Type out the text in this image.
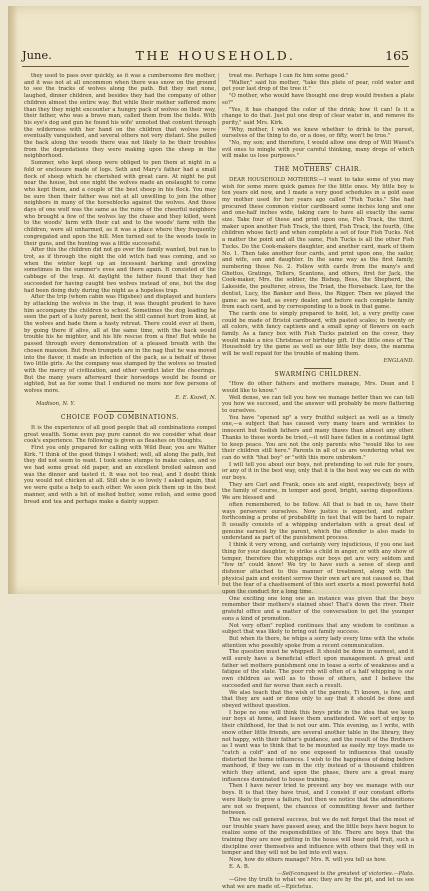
June.	THE HOUSEHOLD.	165

they used to pass over quickly, as it was a cumbersome fire mother, and it was not at all uncommon when there was snow on the ground to see the tracks of wolves along the path. But they met none, laughed, dinner children, and besides they had the company of other children almost the entire way. But while their mother suffered more than they they might encounter a hungry pack of wolves on their way, their father, who was a brave man, called them from the fields. With his eye's dog and gun he found his wife' unnoted that content through the wilderness with her hand on the children that wolves were eventually vanquished, and several others not very distant. She pulled the back along the woods there was not likely to be their troubles from the depredations they were making upon the sheep in the neighborhood.

Summer, who kept sheep were obliged to pen them at night in a fold or enclosure made of logs. Seth and Mary's father had a small flock of sheep which he cherished with great care. At night he put near the house, but one night the wolves made an onslaught to come who kept them, and a couple of the best sheep in his flock. You may be sure then their father was not at all unwilling to join the other neighbors in many of the horseblocks against the wolves. And those days of one wolf was the same as the ruins of the cheerful neighbors who brought a few of the wolves lay the chase and they killed, went to the woods' farm with their cat and to the woods' farm with the children, were all unharmed, as it was a place where they frequently congregated and upon the hill. Men turned out to the woods tools in their guns, and the hunting was a little successful.

After this the children did not go over the family wanted, but ran to trot, as if through the night the old witch had was coming, and so when the winter kept up an incessant barking and growling sometimes in the summer's eves and there again. It consisted of the cabbage of the trap. At daylight the father found that they had succeeded for having caught two wolves instead of one, but the dog had been doing duty during the night as a hopeless trap.

After the trip (whom cabin was Higsbee) and displayed and hunters by attacking the wolves in the trap, it was thought prudent to have him accompany the children to school. Sometimes the dog leading he seen the part of a lusty parent, bent the still cannot hurt from kind, at the wolves and bade them a hasty retreat. There could ever at them, by going there if alive, all at the same time, with the back would trouble his he mighter, and his life rescue from a fine! But while he passed through every demonstration of a pleased breath with the chosen mansion. But fresh trumpets are in the nag that he was moved into the flavor, it made an infection of the pack, as a behalf of those two little girls. As the company was stamped by the wolves so treated with the mercy of civilization, and other verdict later the cheerings. But the many years afterward their horsedogs would be found or sighted, but as for some that I endured no more nor few persons of wolves more.

E. E. Kozell, N.

Madison, N. Y.

CHOICE FOOD COMBINATIONS.

It is the experience of all good people that all combinations compel great wealth. Some even pay pure cannot do we consider what dear cook's experience. The following is given as fleashes on thoughts.

First you only prepared for calling with Wild Bear, you are Walter Kirk. "I think of the good things I wished; well, all along the path, but they did not seem to want. I took some stumps to make cakes, and so we had some great old paper, and an excellent broiled salmon and was the dinner and tasted it. It was not too real, and I doubt think you would not chicken at all. Still she is so lovely I asked again, that we were quite a help to each other. We soon pick them up in the best manner, and with a bit of melted butter, some relish, and some good bread and tea and perhaps make a dainty supper.

treat me. Perhaps I can fix him some good."

"Walter," said his mother, "take this plate of pear, cold water and get your last drop of the tree it."

"O mother, who would have thought one drop would freshen a plate so?"

"Yes, it has changed the color of the drink; how it can! Is it a change to do that. Just put one drop of clear water in, and remove its purity," said Mrs. Kirk.

"Why, mother, I wish we knew whether to drink to the purest, ourselves of the thing to do, or a dose, or fifty, won't be true."

"No, my son; and therefore, I would allow one drop of Will Wuest's evil ones to mingle with your careful thinking, many drops of which will make us lose purposes."

THE MOTHERS' CHAIR.

DEAR HOUSEHOLD MOTHERS:—I want to take some of you may wish for some more quick games for the little ones. My little boy is ten years old now, and I made a very good schedules in a gold ease my mother used for her years ago called "Fish Tucks." She had procured these common visitor cardboard some inches long and one and one-half inches wide, taking care to have all exactly the same size. Take four of these and print upon one, Fish Track, the third, maker upon another Fish Track, the third, Fish Track, the fourth, (the children whose fact) and when complete a set of four Fish Tucks. Not a matter the point and all the same, Fish Tucks is all the other Fish Tucks. Do the Cook-makers daughter, and another card, mark of them No. 1. Then take another four cards, and print upon one, the sailor, and wife, son and daughter. In the same way as the first family, numbering those No. 2. Follow with cards from the many's and Ghettos, Gratings, Tellers, Scantons, and others, first for Jack, the Cook-maker, Mrs. the soldier, the Bishop, Bess, the Shepherd, the Lakeside, the poulterer, stress, the Triad, the Horseback. Law, for the dentist, Lucy, the Banker and Bess, the Rigger. Then we played the game: as we had, as every dealer, and before each complete family from each card, and by corresponding to a book in that game.

The cards one to simply prepared to hold, lot, a very pretty case could be made of Bristol cardboard, with pasted scales; in twenty or all colors, with fancy captions and a small spray of flowers on each family. As a fancy box with Fish Tucks painted on the cover, they would make a nice Christmas or birthday gift. If the little ones of The Household try the game as well as our little boy does, the mamma will be well repaid for the trouble of making them.

ENGLAND.

SWARMING CHILDREN.

"How do other fathers and mothers manage, Mrs. Dean and I would like to know."

Well dense, we can tell you how we manage better than we can tell you how we succeed, and the answer will probably be more flattering to ourselves.

You have "opened up" a very fruitful subject as well as a timely one,—a subject that has caused very many tears and wrinkles to innocent but foolish fathers and many thaws than almost any other. Thanks to those words be tried,—it will have fallen in a continual light to keep peace. You are not the only parents who "would like to see their children still here." Parents in all of us are wondering what we can do with "that boy" or "with this more unbroken."

I will tell you about our boys, not pretending to set rule for yours, or any of it in the best way, only that it is the best way we can do with our boys.

They are Carl and Frank, ones six and eight, respectively, boys of the family of course, in temper and good, bright, saving dispositions. We are blessed and

often remembered, to be follow. All that is bad in us, have their ways persevere ourselves. Now justice is expected, and rather forthcoming a probe of probability in test that will be hard to repair. It usually consists of a whipping undertaken with a great deal of genuine earnest by the parent, which the offender is also made to understand as part of the punishment process.

I think it very wrong, and certainly very injudicious, if you one last thing for your daughter, to strike a child in anger, or with any show of temper, therefore the whippings our boys get are very seldom and "few in" could know! We try to have such a sense of sleep and dishonor attached to this manner of treatment, along with the physical pain and evident sorrow their own art are not caused so, that but the fear of a chastisement of this sort exerts a most powerful hold upon the conduct for a long time.

One exciting one long one an instance was given that the boyo remember their mothers's stained shoe! That's down the river. Their grateful office and a matter of the conversation to get the younger sons a kind of promotion.

Not very often" replied continues that any wisdom to continue a subject that was likely to bring out family success.

But when its there, he whips a sorry lady every time with the whole attention who possibly spoke from a recent communication.

The question must be whipped. It should be done in earnest, and it will surely have a beneficial effect upon management. A great and father set mothers punishment one in tease a sorts of weakness and a fatigue of the state. The poor rob will often of a half whipping is our own children as well as to those of others, and I believe the succeeded and far worse than such a result.

We also teach that the wish of the parents, Ti known, is few, and that they are said or done only to say that it should be done and obeyed without question.

I hope no one will think this boys pride in the idea that we keep our boys at home, and leave them unattended. We sort of enjoy to their childhood, for that is not our aim. This evening, as I write, with snow other little friends, are several another table in the library, they not happy, with their father's guidance, and the result of the Brothers as I want was to think that to be mounted as easily my toys made us "catch a cold" and of no one exposed to influences that usually distorted the home influences. I wish to the happiness of doing before manhood, if they we can in the city instead of a thousand children which they attend, and upon the phase, there are a great many influences dominated to house training.

Then I have never tried to prevent any boy we manage with our boys. It is that they have trust, and I consist if our constant efforts were likely to grow a failure, but then we notice that the admonitions are not so frequent, the chances of committing fewer and farther between.

This we call general success, but we do not forget that the most of our trouble years have passed away, and the little boys have begun to realize some of the responsibilities of life. There are boys that the training they are now getting in the house will bear gold fruit, such a discipline over themselves and influence with others that they will in temper and they will not be led into evil ways.

Now, how do others manage? Mrs. R. will you tell us how.

E. A. B.

—Self-conquest is the greatest of victories.—Plato.

—Give thy truth to what we are; they are by the pit, and let us see what we are made of.—Epictetus.
